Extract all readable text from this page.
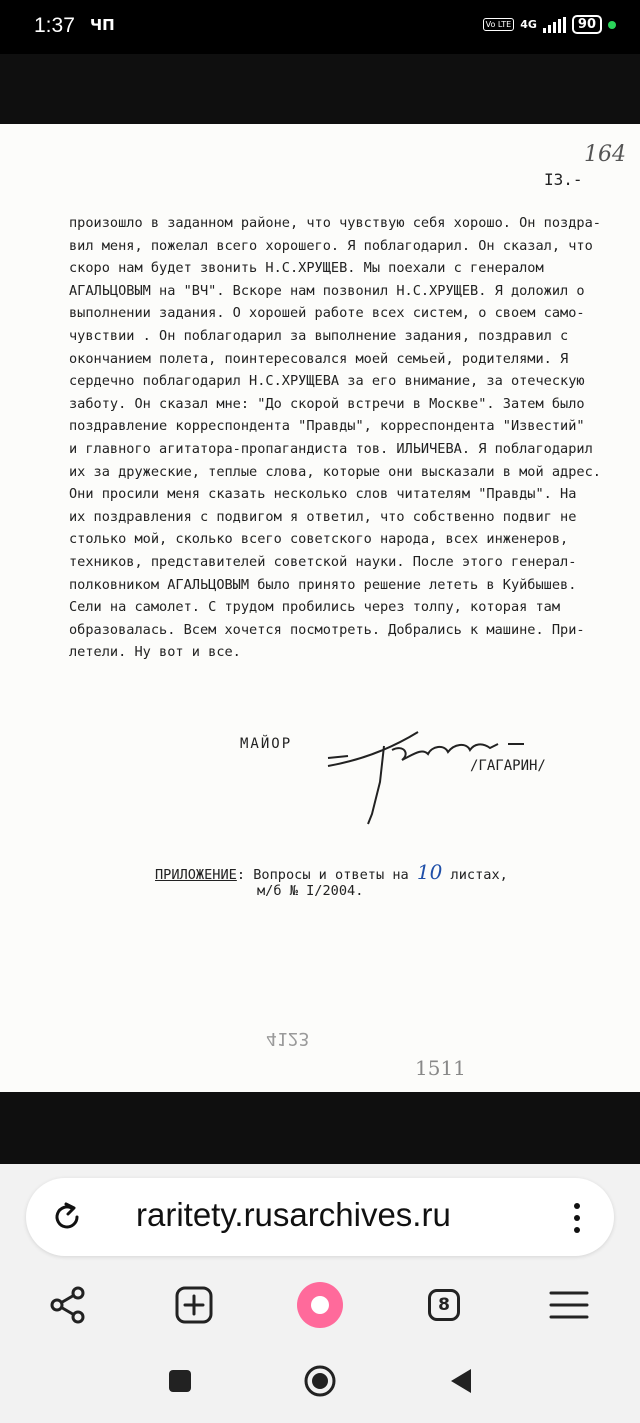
1:37 ЧП	Vo LTE 4G	90
164
I3.-
произошло в заданном районе, что чувствую себя хорошо. Он поздра-
вил меня, пожелал всего хорошего. Я поблагодарил. Он сказал, что
скоро нам будет звонить Н.С.ХРУЩЕВ. Мы поехали с генералом
АГАЛЬЦОВЫМ на "ВЧ". Вскоре нам позвонил Н.С.ХРУЩЕВ. Я доложил о
выполнении задания. О хорошей работе всех систем, о своем само-
чувствии . Он поблагодарил за выполнение задания, поздравил с
окончанием полета, поинтересовался моей семьей, родителями. Я
сердечно поблагодарил Н.С.ХРУЩЕВА за его внимание, за отеческую
заботу. Он сказал мне: "До скорой встречи в Москве". Затем было
поздравление корреспондента "Правды", корреспондента "Известий"
и главного агитатора-пропагандиста тов. ИЛЬИЧЕВА. Я поблагодарил
их за дружеские, теплые слова, которые они высказали в мой адрес.
Они просили меня сказать несколько слов читателям "Правды". На
их поздравления с подвигом я ответил, что собственно подвиг не
столько мой, сколько всего советского народа, всех инженеров,
техников, представителей советской науки. После этого генерал-
полковником АГАЛЬЦОВЫМ было принято решение лететь в Куйбышев.
Сели на самолет. С трудом пробились через толпу, которая там
образовалась. Всем хочется посмотреть. Добрались к машине. При-
летели. Ну вот и все.
МАЙОР
/ГАГАРИН/
ПРИЛОЖЕНИЕ: Вопросы и ответы на 10 листах,
м/б № I/2004.
4123
1511
raritety.rusarchives.ru
8
